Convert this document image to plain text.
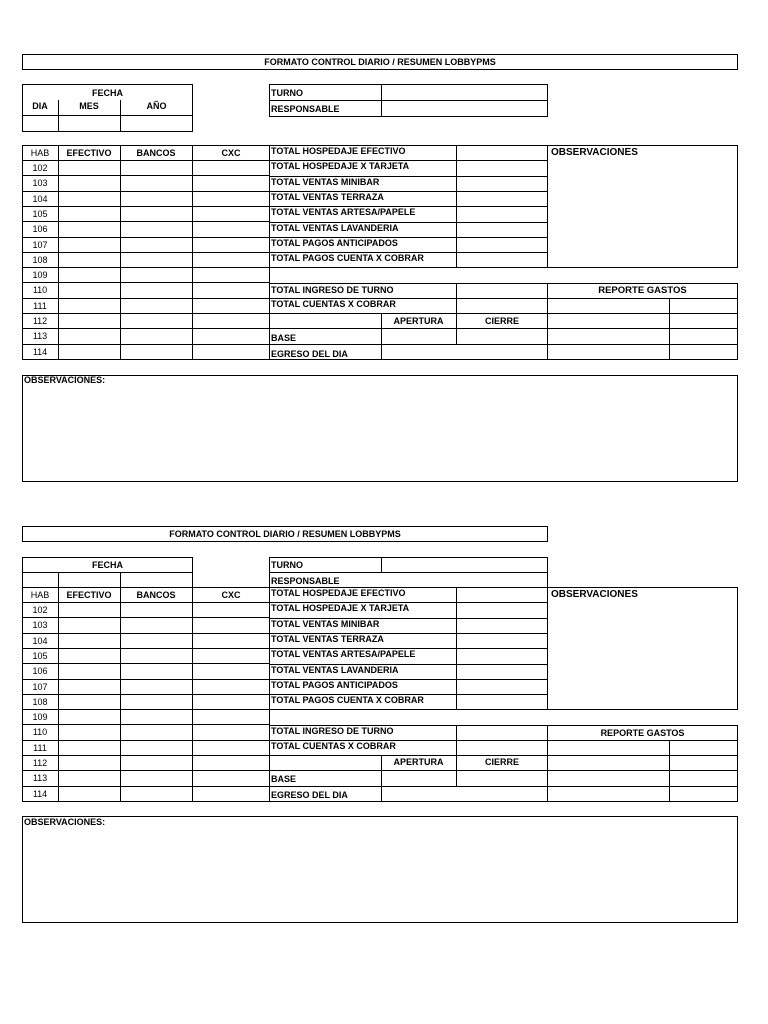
FORMATO CONTROL DIARIO / RESUMEN LOBBYPMS
FECHA
DIA	MES	AÑO
TURNO
RESPONSABLE
HAB	EFECTIVO	BANCOS	CXC
102
103
104
105
106
107
108
109
110
111
112
113
114
TOTAL HOSPEDAJE EFECTIVO
TOTAL HOSPEDAJE X TARJETA
TOTAL VENTAS MINIBAR
TOTAL VENTAS TERRAZA
TOTAL VENTAS ARTESA/PAPELE
TOTAL VENTAS LAVANDERIA
TOTAL PAGOS ANTICIPADOS
TOTAL PAGOS CUENTA X COBRAR
OBSERVACIONES
TOTAL INGRESO DE TURNO
TOTAL CUENTAS X COBRAR
APERTURA	CIERRE
BASE
EGRESO DEL DIA
REPORTE GASTOS
OBSERVACIONES:
FORMATO CONTROL DIARIO / RESUMEN LOBBYPMS
FECHA	TURNO
RESPONSABLE
HAB	EFECTIVO	BANCOS	CXC
102
103
104
105
106
107
108
109
110
111
112
113
114
TOTAL HOSPEDAJE EFECTIVO
TOTAL HOSPEDAJE X TARJETA
TOTAL VENTAS MINIBAR
TOTAL VENTAS TERRAZA
TOTAL VENTAS ARTESA/PAPELE
TOTAL VENTAS LAVANDERIA
TOTAL PAGOS ANTICIPADOS
TOTAL PAGOS CUENTA X COBRAR
OBSERVACIONES
TOTAL INGRESO DE TURNO
TOTAL CUENTAS X COBRAR
APERTURA	CIERRE
BASE
EGRESO DEL DIA
REPORTE GASTOS
OBSERVACIONES:
